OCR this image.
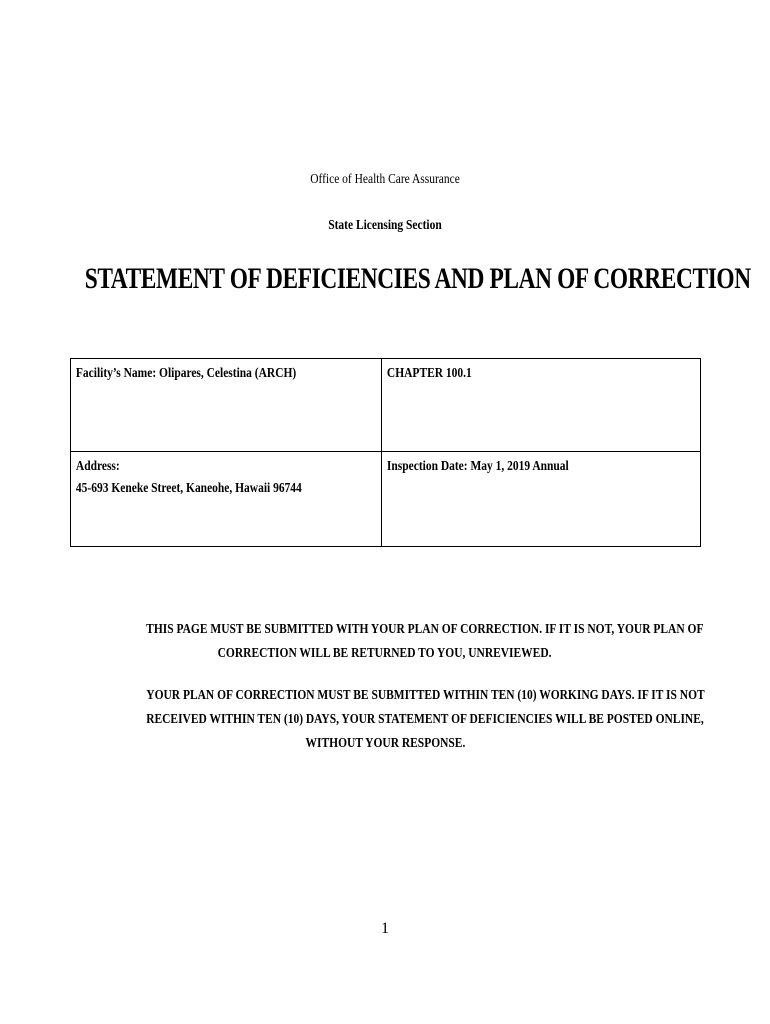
Office of Health Care Assurance
State Licensing Section
STATEMENT OF DEFICIENCIES AND PLAN OF CORRECTION
Facility’s Name: Olipares, Celestina (ARCH)	CHAPTER 100.1

Address:
45-693 Keneke Street, Kaneohe, Hawaii 96744	Inspection Date: May 1, 2019 Annual
THIS PAGE MUST BE SUBMITTED WITH YOUR PLAN OF CORRECTION. IF IT IS NOT, YOUR PLAN OF
CORRECTION WILL BE RETURNED TO YOU, UNREVIEWED.
YOUR PLAN OF CORRECTION MUST BE SUBMITTED WITHIN TEN (10) WORKING DAYS. IF IT IS NOT
RECEIVED WITHIN TEN (10) DAYS, YOUR STATEMENT OF DEFICIENCIES WILL BE POSTED ONLINE,
WITHOUT YOUR RESPONSE.
1
